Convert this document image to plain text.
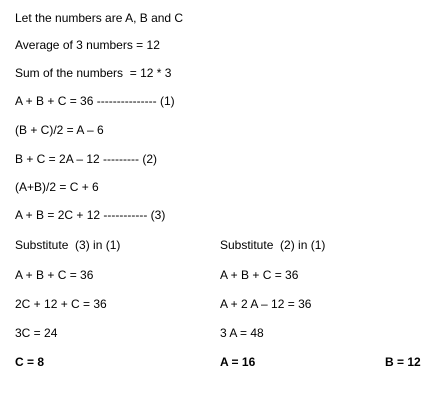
Let the numbers are A, B and C
Average of 3 numbers = 12
Sum of the numbers  = 12 * 3
A + B + C = 36 --------------- (1)
(B + C)/2 = A – 6
B + C = 2A – 12 --------- (2)
(A+B)/2 = C + 6
A + B = 2C + 12 ----------- (3)
Substitute  (3) in (1)
A + B + C = 36
2C + 12 + C = 36
3C = 24
C = 8
Substitute  (2) in (1)
A + B + C = 36
A + 2 A – 12 = 36
3 A = 48
A = 16	B = 12
